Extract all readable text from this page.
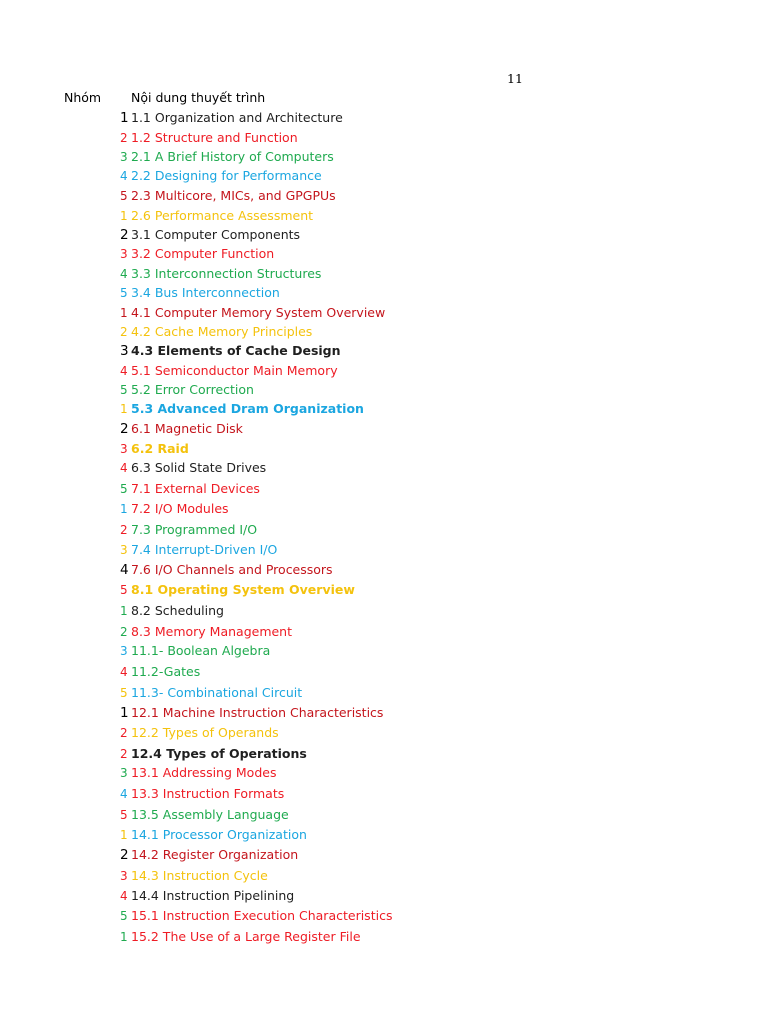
11
Nhóm Nội dung thuyết trình
1 1.1 Organization and Architecture
2 1.2 Structure and Function
3 2.1 A Brief History of Computers
4 2.2 Designing for Performance
5 2.3 Multicore, MICs, and GPGPUs
1 2.6 Performance Assessment
2 3.1 Computer Components
3 3.2 Computer Function
4 3.3 Interconnection Structures
5 3.4 Bus Interconnection
1 4.1 Computer Memory System Overview
2 4.2 Cache Memory Principles
3 4.3 Elements of Cache Design
4 5.1 Semiconductor Main Memory
5 5.2 Error Correction
1 5.3 Advanced Dram Organization
2 6.1 Magnetic Disk
3 6.2 Raid
4 6.3 Solid State Drives
5 7.1 External Devices
1 7.2 I/O Modules
2 7.3 Programmed I/O
3 7.4 Interrupt-Driven I/O
4 7.6 I/O Channels and Processors
5 8.1 Operating System Overview
1 8.2 Scheduling
2 8.3 Memory Management
3 11.1- Boolean Algebra
4 11.2-Gates
5 11.3- Combinational Circuit
1 12.1 Machine Instruction Characteristics
2 12.2 Types of Operands
2 12.4 Types of Operations
3 13.1 Addressing Modes
4 13.3 Instruction Formats
5 13.5 Assembly Language
1 14.1 Processor Organization
2 14.2 Register Organization
3 14.3 Instruction Cycle
4 14.4 Instruction Pipelining
5 15.1 Instruction Execution Characteristics
1 15.2 The Use of a Large Register File
